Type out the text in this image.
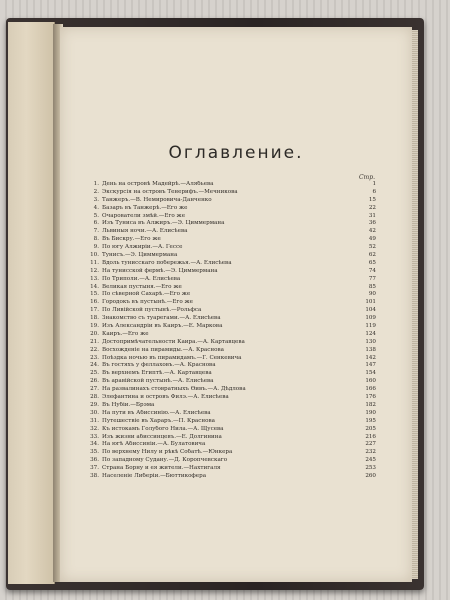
Оглавление.
Стр.
1. День на островѣ Мадейрѣ.—Алябьева	1
2. Экскурсія на островъ Тенерифъ.—Мечникова	6
3. Танжеръ.—В. Немировича-Данченко	15
4. Базаръ въ Танжерѣ.—Его же	22
5. Очарователи змѣй.—Его же	31
6. Изъ Туниса въ Алжиръ.—Э. Циммермана	36
7. Львиныя ночи.—А. Елисѣева	42
8. Въ Бискру.—Его же	49
9. По югу Алжиріи.—А. Гессе	52
10. Тунисъ.—Э. Циммермана	62
11. Вдоль тунисскаго побережья.—А. Елисѣева	65
12. На тунисской фермѣ.—Э. Циммермана	74
13. По Триполи.—А. Елисѣева	77
14. Великая пустыня.—Его же	85
15. По сѣверной Сахарѣ.—Его же	90
16. Городокъ въ пустынѣ.—Его же	101
17. По Ливійской пустынѣ.—Рольфса	104
18. Знакомство съ туарегами.—А. Елисѣева	109
19. Изъ Александріи въ Каиръ.—Е. Маркова	119
20. Каиръ.—Его же	124
21. Достопримѣчательности Каира.—А. Картавцева	130
22. Восхожденіе на пирамиды.—А. Краснова	138
23. Поѣздка ночью въ пирамидамъ.—Г. Сенкевича	142
24. Въ гостяхъ у феллаховъ.—А. Краснова	147
25. Въ верхнемъ Египтѣ.—А. Картавцева	154
26. Въ аравійской пустынѣ.—А. Елисѣева	160
27. На развалинахъ стовратныхъ Өивъ.—А. Дѣдлова	166
28. Элефантина и островъ Филэ.—А. Елисѣева	176
29. Въ Нубіи.—Брэма	182
30. На пути въ Абиссинію.—А. Елисѣева	190
31. Путешествіе въ Хараръ.—П. Краснова	195
32. Къ истокамъ Голубого Нила.—А. Щусева	205
33. Изъ жизни абиссинцевъ.—Е. Долгинина	216
34. На югѣ Абиссиніи.—А. Булатовича	227
35. По верхнему Нилу и рѣкѣ Собатѣ.—Юнкера	232
36. По западному Судану.—Д. Коропчевскаго	245
37. Страна Борну и ея жители.—Нахтигаля	253
38. Населеніе Либеріи.—Бюттикофера	260
